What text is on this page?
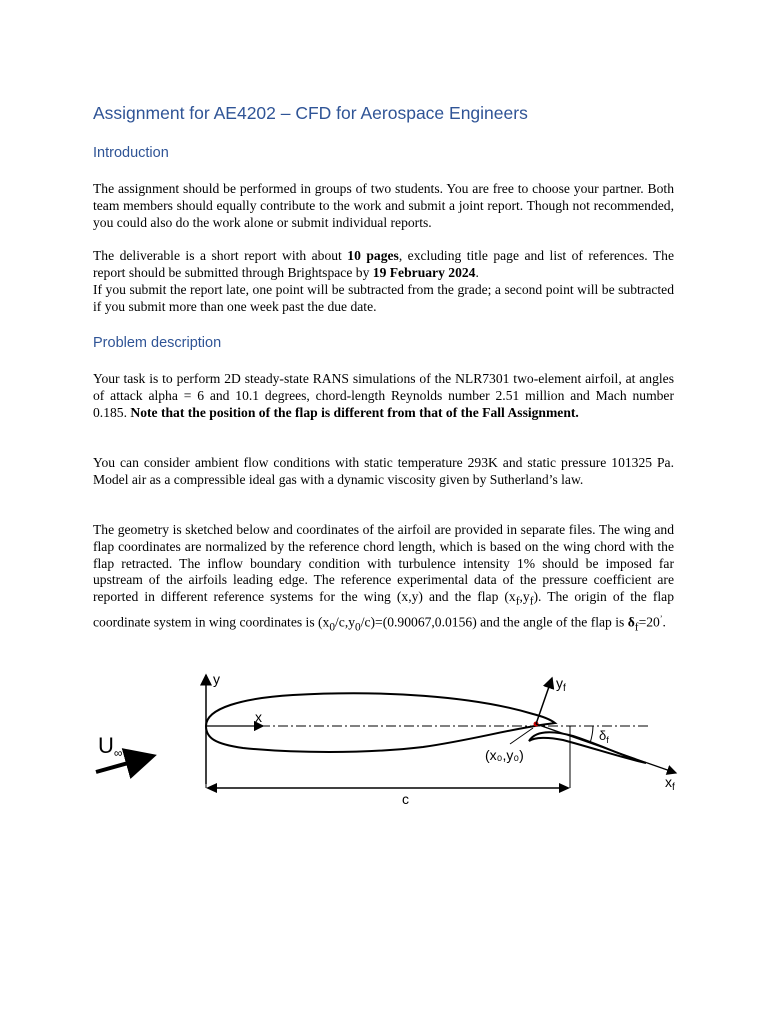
Assignment for AE4202 – CFD for Aerospace Engineers
Introduction
The assignment should be performed in groups of two students. You are free to choose your partner. Both team members should equally contribute to the work and submit a joint report. Though not recommended, you could also do the work alone or submit individual reports.
The deliverable is a short report with about 10 pages, excluding title page and list of references. The report should be submitted through Brightspace by 19 February 2024.
If you submit the report late, one point will be subtracted from the grade; a second point will be subtracted if you submit more than one week past the due date.
Problem description
Your task is to perform 2D steady-state RANS simulations of the NLR7301 two-element airfoil, at angles of attack alpha = 6 and 10.1 degrees, chord-length Reynolds number 2.51 million and Mach number 0.185. Note that the position of the flap is different from that of the Fall Assignment.
You can consider ambient flow conditions with static temperature 293K and static pressure 101325 Pa. Model air as a compressible ideal gas with a dynamic viscosity given by Sutherland’s law.
The geometry is sketched below and coordinates of the airfoil are provided in separate files. The wing and flap coordinates are normalized by the reference chord length, which is based on the wing chord with the flap retracted. The inflow boundary condition with turbulence intensity 1% should be imposed far upstream of the airfoils leading edge. The reference experimental data of the pressure coefficient are reported in different reference systems for the wing (x,y) and the flap $(x_f,y_f)$. The origin of the flap coordinate system in wing coordinates is $(x_0/c,y_0/c)=(0.90067,0.0156)$ and the angle of the flap is $\delta_f=20^’$.
y
x
$y_f$
$x_f$
(x₀,y₀)
$\delta_f$
U∞
c
